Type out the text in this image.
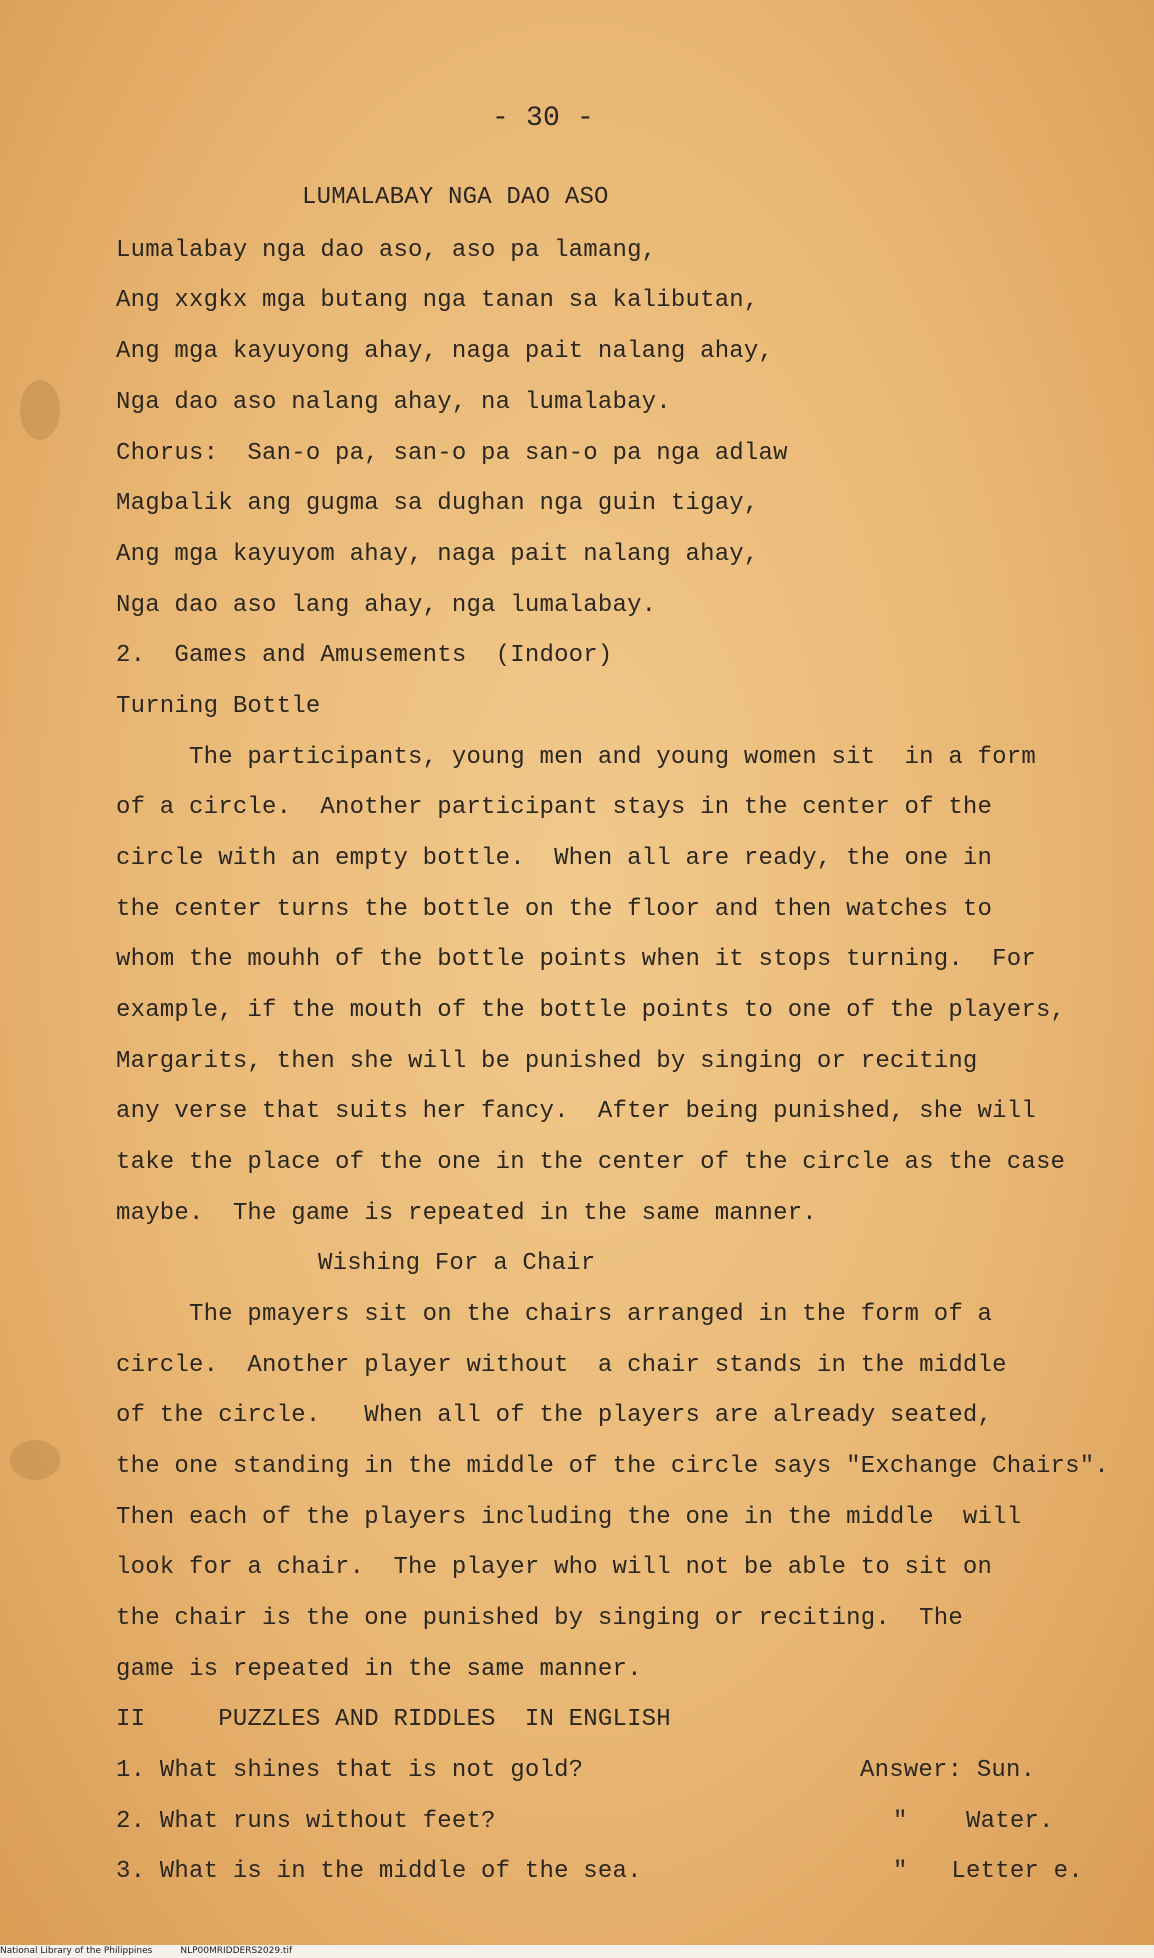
- 30 -
LUMALABAY NGA DAO ASO
Lumalabay nga dao aso, aso pa lamang,
Ang xxgkx mga butang nga tanan sa kalibutan,
Ang mga kayuyong ahay, naga pait nalang ahay,
Nga dao aso nalang ahay, na lumalabay.
Chorus:  San-o pa, san-o pa san-o pa nga adlaw
Magbalik ang gugma sa dughan nga guin tigay,
Ang mga kayuyom ahay, naga pait nalang ahay,
Nga dao aso lang ahay, nga lumalabay.
2.  Games and Amusements  (Indoor)
Turning Bottle
The participants, young men and young women sit  in a form
of a circle.  Another participant stays in the center of the
circle with an empty bottle.  When all are ready, the one in
the center turns the bottle on the floor and then watches to
whom the mouhh of the bottle points when it stops turning.  For
example, if the mouth of the bottle points to one of the players,
Margarits, then she will be punished by singing or reciting
any verse that suits her fancy.  After being punished, she will
take the place of the one in the center of the circle as the case
maybe.  The game is repeated in the same manner.
Wishing For a Chair
The pmayers sit on the chairs arranged in the form of a
circle.  Another player without  a chair stands in the middle
of the circle.   When all of the players are already seated,
the one standing in the middle of the circle says "Exchange Chairs".
Then each of the players including the one in the middle  will
look for a chair.  The player who will not be able to sit on
the chair is the one punished by singing or reciting.  The
game is repeated in the same manner.
II     PUZZLES AND RIDDLES  IN ENGLISH
1. What shines that is not gold?	Answer: Sun.
2. What runs without feet?	"    Water.
3. What is in the middle of the sea.	"   Letter e.
National Library of the Philippines	NLP00MRIDDERS2029.tif
